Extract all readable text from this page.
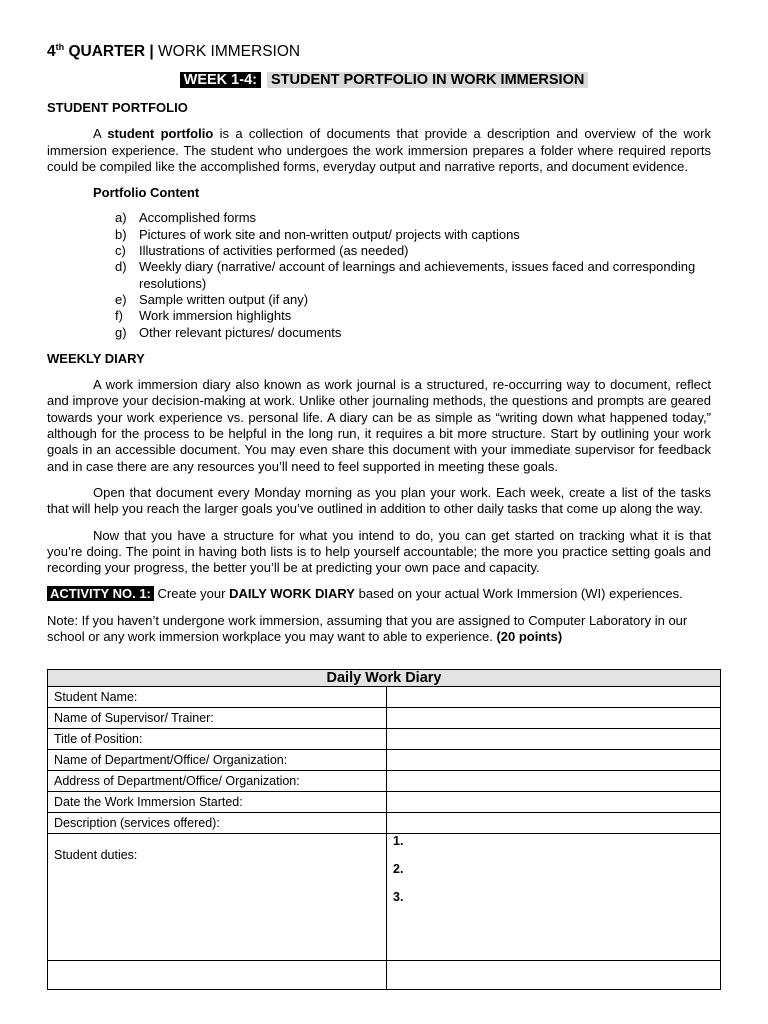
4th QUARTER | WORK IMMERSION
WEEK 1-4: STUDENT PORTFOLIO IN WORK IMMERSION

STUDENT PORTFOLIO

A student portfolio is a collection of documents that provide a description and overview of the work immersion experience. The student who undergoes the work immersion prepares a folder where required reports could be compiled like the accomplished forms, everyday output and narrative reports, and document evidence.

Portfolio Content

a) Accomplished forms
b) Pictures of work site and non-written output/ projects with captions
c) Illustrations of activities performed (as needed)
d) Weekly diary (narrative/ account of learnings and achievements, issues faced and corresponding resolutions)
e) Sample written output (if any)
f) Work immersion highlights
g) Other relevant pictures/ documents

WEEKLY DIARY

A work immersion diary also known as work journal is a structured, re-occurring way to document, reflect and improve your decision-making at work. Unlike other journaling methods, the questions and prompts are geared towards your work experience vs. personal life. A diary can be as simple as “writing down what happened today,” although for the process to be helpful in the long run, it requires a bit more structure. Start by outlining your work goals in an accessible document. You may even share this document with your immediate supervisor for feedback and in case there are any resources you’ll need to feel supported in meeting these goals.

Open that document every Monday morning as you plan your work. Each week, create a list of the tasks that will help you reach the larger goals you’ve outlined in addition to other daily tasks that come up along the way.

Now that you have a structure for what you intend to do, you can get started on tracking what it is that you’re doing. The point in having both lists is to help yourself accountable; the more you practice setting goals and recording your progress, the better you’ll be at predicting your own pace and capacity.

ACTIVITY NO. 1: Create your DAILY WORK DIARY based on your actual Work Immersion (WI) experiences.

Note: If you haven’t undergone work immersion, assuming that you are assigned to Computer Laboratory in our school or any work immersion workplace you may want to able to experience. (20 points)

Daily Work Diary	
Student Name:	
Name of Supervisor/ Trainer:	
Title of Position:	
Name of Department/Office/ Organization:	
Address of Department/Office/ Organization:	
Date the Work Immersion Started:	
Description (services offered):	
Student duties:	1.
2.
3.
